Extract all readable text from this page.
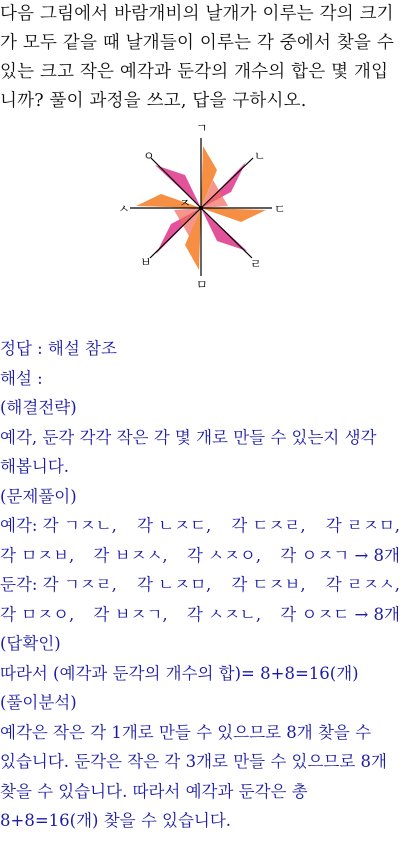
다음 그림에서 바람개비의 날개가 이루는 각의 크기
가 모두 같을 때 날개들이 이루는 각 중에서 찾을 수
있는 크고 작은 예각과 둔각의 개수의 합은 몇 개입
니까? 풀이 과정을 쓰고, 답을 구하시오.
ㄱ
ㄴ
ㄷ
ㄹ
ㅁ
ㅂ
ㅅ
ㅇ
ㅈ
정답 : 해설 참조
해설 :
(해결전략)
예각, 둔각 각각 작은 각 몇 개로 만들 수 있는지 생각
해봅니다.
(문제풀이)
예각: 각 ㄱㅈㄴ, 각 ㄴㅈㄷ, 각 ㄷㅈㄹ, 각 ㄹㅈㅁ,
각 ㅁㅈㅂ, 각 ㅂㅈㅅ, 각 ㅅㅈㅇ, 각 ㅇㅈㄱ → 8개
둔각: 각 ㄱㅈㄹ, 각 ㄴㅈㅁ, 각 ㄷㅈㅂ, 각 ㄹㅈㅅ,
각 ㅁㅈㅇ, 각 ㅂㅈㄱ, 각 ㅅㅈㄴ, 각 ㅇㅈㄷ → 8개
(답확인)
따라서 (예각과 둔각의 개수의 합)= 8+8=16(개)
(풀이분석)
예각은 작은 각 1개로 만들 수 있으므로 8개 찾을 수
있습니다. 둔각은 작은 각 3개로 만들 수 있으므로 8개
찾을 수 있습니다. 따라서 예각과 둔각은 총
8+8=16(개) 찾을 수 있습니다.
